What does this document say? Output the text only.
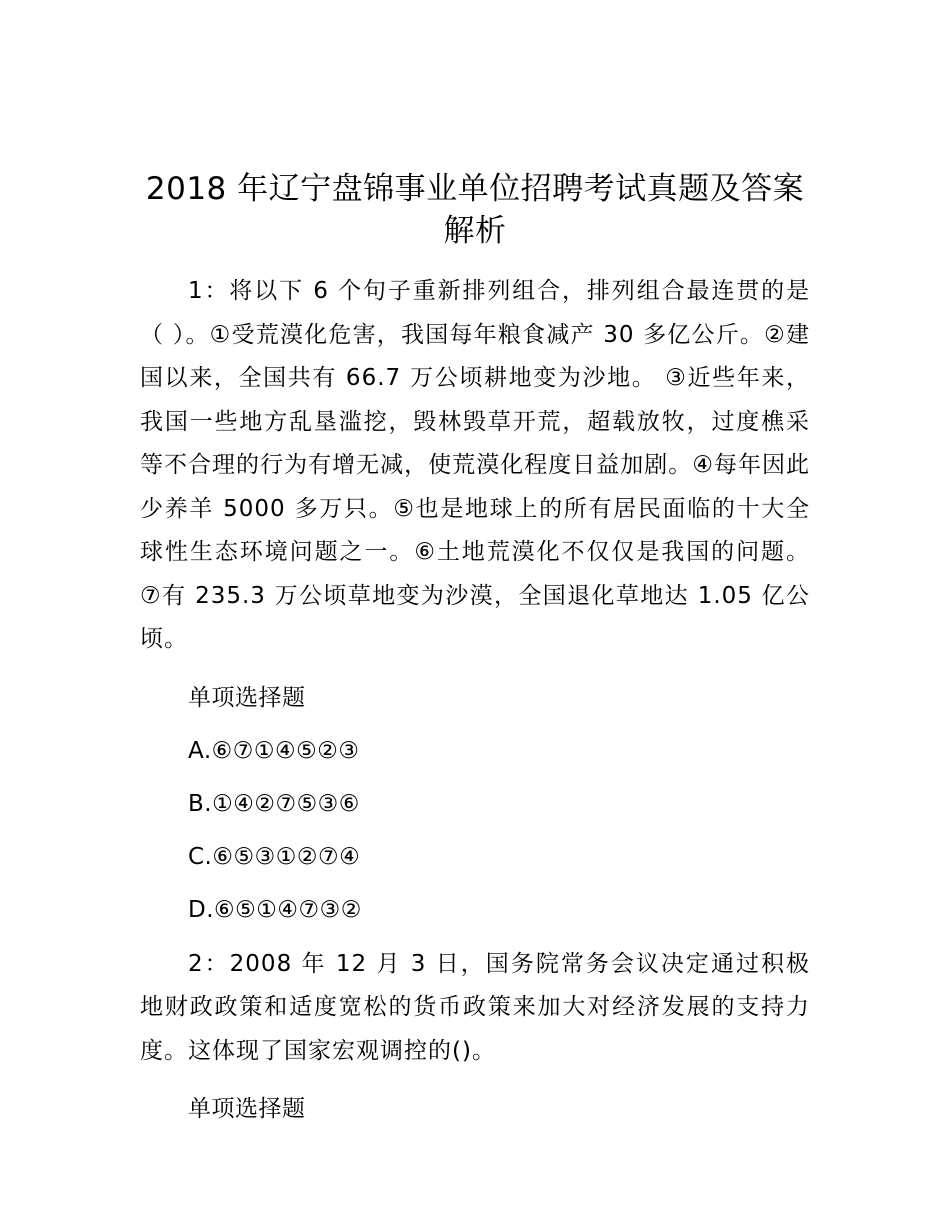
2018 年辽宁盘锦事业单位招聘考试真题及答案解析

1：将以下 6 个句子重新排列组合，排列组合最连贯的是（ ）。①受荒漠化危害，我国每年粮食减产 30 多亿公斤。②建国以来，全国共有 66.7 万公顷耕地变为沙地。 ③近些年来，我国一些地方乱垦滥挖，毁林毁草开荒，超载放牧，过度樵采等不合理的行为有增无减，使荒漠化程度日益加剧。④每年因此少养羊 5000 多万只。⑤也是地球上的所有居民面临的十大全球性生态环境问题之一。⑥土地荒漠化不仅仅是我国的问题。 ⑦有 235.3 万公顷草地变为沙漠，全国退化草地达 1.05 亿公顷。

单项选择题

A.⑥⑦①④⑤②③

B.①④②⑦⑤③⑥

C.⑥⑤③①②⑦④

D.⑥⑤①④⑦③②

2：2008 年 12 月 3 日，国务院常务会议决定通过积极地财政政策和适度宽松的货币政策来加大对经济发展的支持力度。这体现了国家宏观调控的()。

单项选择题
